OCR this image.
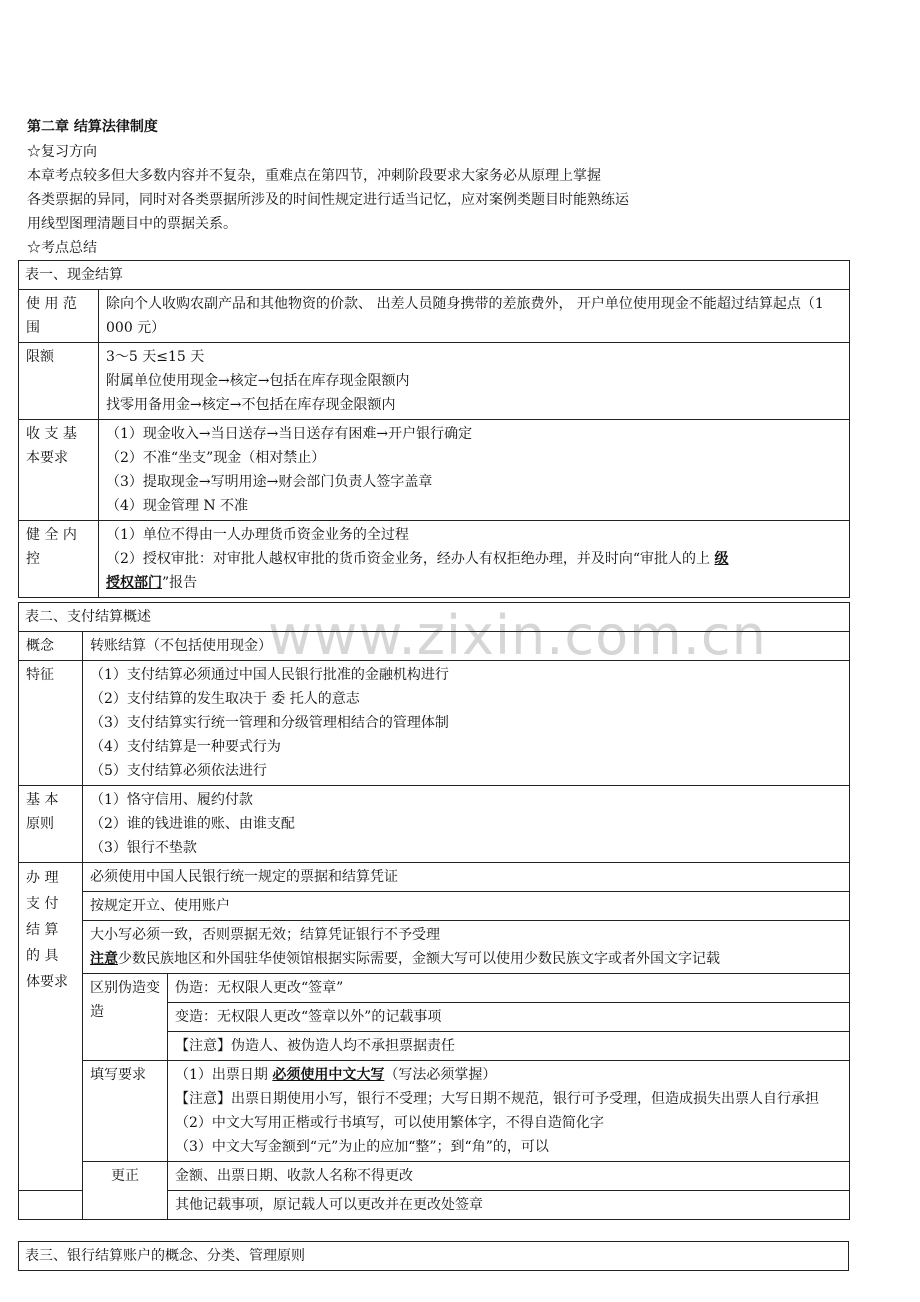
第二章 结算法律制度
☆复习方向
本章考点较多但大多数内容并不复杂，重难点在第四节，冲刺阶段要求大家务必从原理上掌握
各类票据的异同，同时对各类票据所涉及的时间性规定进行适当记忆，应对案例类题目时能熟练运
用线型图理清题目中的票据关系。
☆考点总结
表一、现金结算	
使 用 范 围	除向个人收购农副产品和其他物资的价款、 出差人员随身携带的差旅费外， 开户单位使用现金不能超过结算起点（1 000 元）
限额	3～5 天≤15 天
附属单位使用现金→核定→包括在库存现金限额内
找零用备用金→核定→不包括在库存现金限额内

收 支 基 本要求	（1）现金收入→当日送存→当日送存有困难→开户银行确定
（2）不准“坐支”现金（相对禁止）
（3）提取现金→写明用途→财会部门负责人签字盖章
（4）现金管理 N 不准

健 全 内 控	（1）单位不得由一人办理货币资金业务的全过程
（2）授权审批：对审批人越权审批的货币资金业务，经办人有权拒绝办理，并及时向“审批人的上 级
授权部门”报告
www.zixin.com.cn
表二、支付结算概述		
概念	转账结算（不包括使用现金）	
特征	（1）支付结算必须通过中国人民银行批准的金融机构进行
（2）支付结算的发生取决于 委 托人的意志
（3）支付结算实行统一管理和分级管理相结合的管理体制
（4）支付结算是一种要式行为
（5）支付结算必须依法进行	

基 本 原则	（1）恪守信用、履约付款
（2）谁的钱进谁的账、由谁支配
（3）银行不垫款	

办 理 支 付 结 算 的 具 体要求	必须使用中国人民银行统一规定的票据和结算凭证	
	按规定开立、使用账户	

	大小写必须一致，否则票据无效；结算凭证银行不予受理
注意少数民族地区和外国驻华使领馆根据实际需要，金额大写可以使用少数民族文字或者外国文字记载	

	区别伪造变造	伪造：无权限人更改“签章”
		变造：无权限人更改“签章以外”的记载事项
		【注意】伪造人、被伪造人均不承担票据责任
	填写要求	（1）出票日期 必须使用中文大写（写法必须掌握）
【注意】出票日期使用小写，银行不受理；大写日期不规范，银行可予受理，但造成损失出票人自行承担
（2）中文大写用正楷或行书填写，可以使用繁体字，不得自造简化字
（3）中文大写金额到“元”为止的应加“整”；到“角”的，可以

	更正	金额、出票日期、收款人名称不得更改
		其他记载事项，原记载人可以更改并在更改处签章
表三、银行结算账户的概念、分类、管理原则
